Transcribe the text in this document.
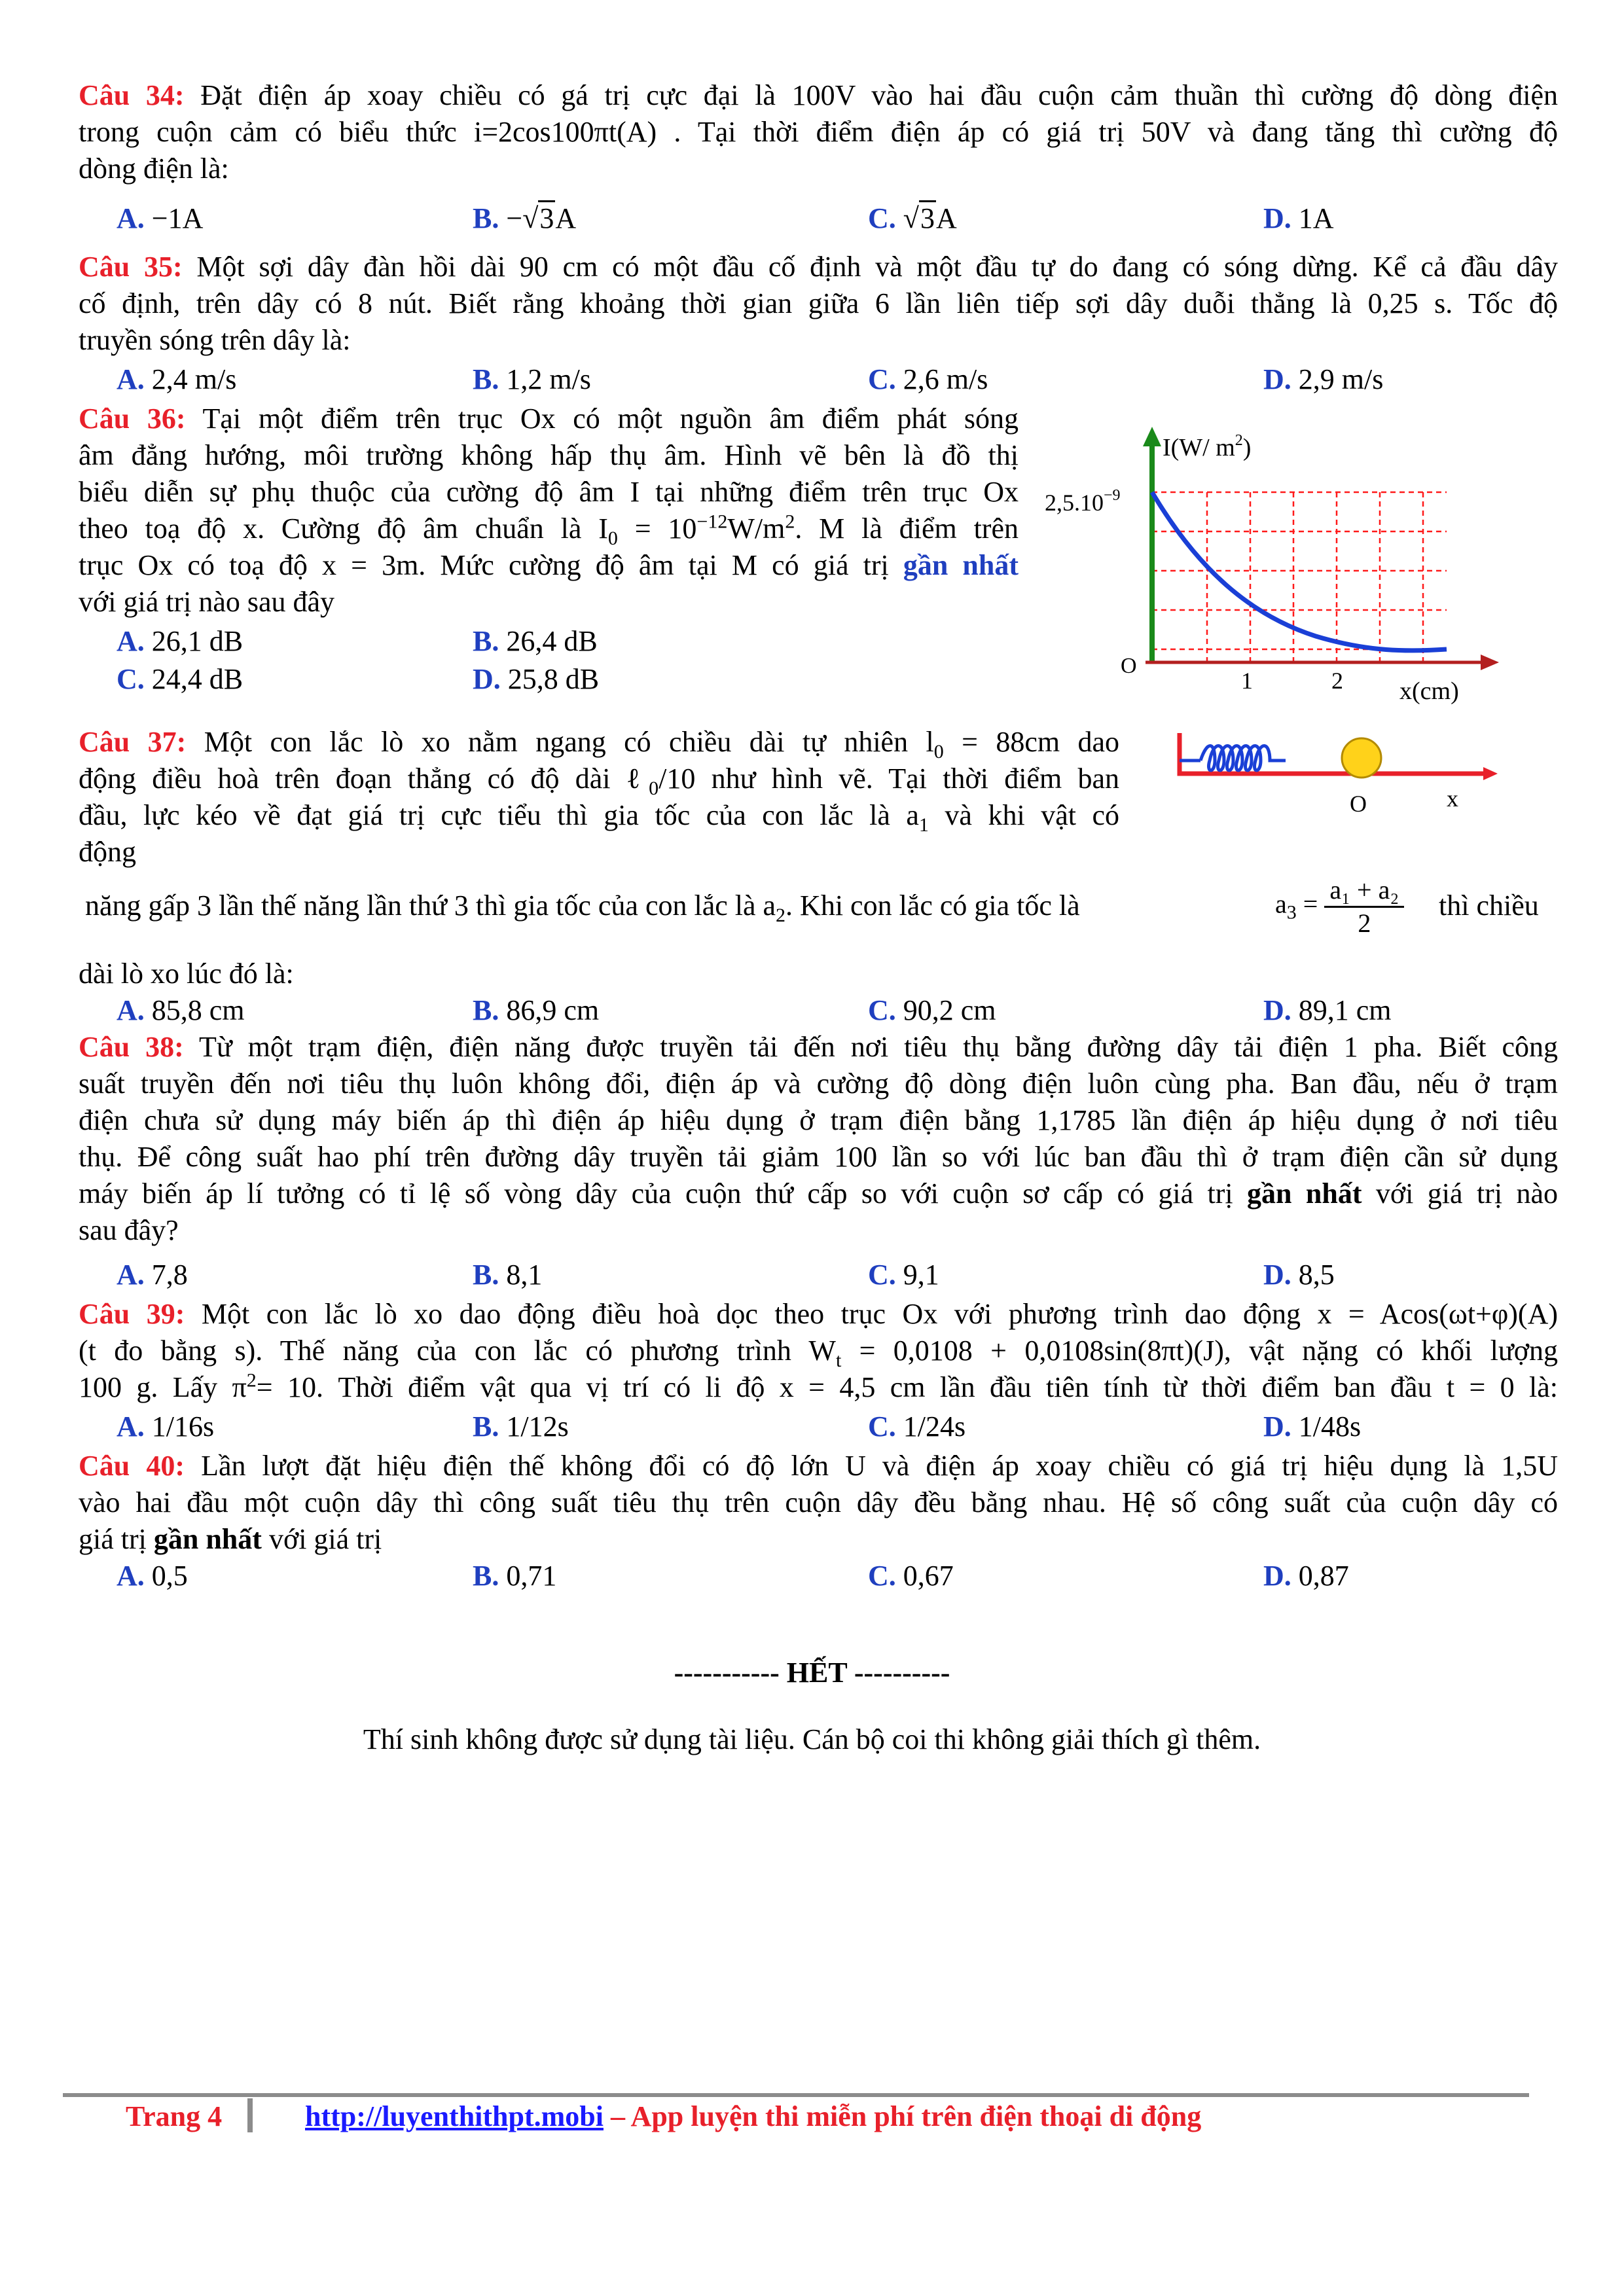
Câu 34: Đặt điện áp xoay chiều có gá trị cực đại là 100V vào hai đầu cuộn cảm thuần thì cường độ dòng điện
trong cuộn cảm có biểu thức i=2cos100πt(A) . Tại thời điểm điện áp có giá trị 50V và đang tăng thì cường độ
dòng điện là:
A. −1A	B. −√3A	C. √3A	D. 1A
Câu 35: Một sợi dây đàn hồi dài 90 cm có một đầu cố định và một đầu tự do đang có sóng dừng. Kể cả đầu dây
cố định, trên dây có 8 nút. Biết rằng khoảng thời gian giữa 6 lần liên tiếp sợi dây duỗi thẳng là 0,25 s. Tốc độ
truyền sóng trên dây là:
A. 2,4 m/s	B. 1,2 m/s	C. 2,6 m/s	D. 2,9 m/s
Câu 36: Tại một điểm trên trục Ox có một nguồn âm điểm phát sóng
âm đẳng hướng, môi trường không hấp thụ âm. Hình vẽ bên là đồ thị
biểu diễn sự phụ thuộc của cường độ âm I tại những điểm trên trục Ox
theo toạ độ x. Cường độ âm chuẩn là $I_0 = 10^{-12}W/m^2$. M là điểm trên
trục Ox có toạ độ x = 3m. Mức cường độ âm tại M có giá trị gần nhất
với giá trị nào sau đây
A. 26,1 dB	B. 26,4 dB
C. 24,4 dB	D. 25,8 dB
I(W/ $m^2$)
$2,5.10^{-9}$
O
1	2 x(cm)
Câu 37: Một con lắc lò xo nằm ngang có chiều dài tự nhiên $l_0 = 88cm$ dao
động điều hoà trên đoạn thẳng có độ dài ℓ$_0$/10 như hình vẽ. Tại thời điểm ban
đầu, lực kéo về đạt giá trị cực tiểu thì gia tốc của con lắc là $a_1$ và khi vật có
động
O	x
năng gấp 3 lần thế năng lần thứ 3 thì gia tốc của con lắc là $a_2$. Khi con lắc có gia tốc là	$a_3 = \frac{\text{a₁ + a₂}}{2}$ thì chiều
dài lò xo lúc đó là:
A. 85,8 cm	B. 86,9 cm	C. 90,2 cm	D. 89,1 cm
Câu 38: Từ một trạm điện, điện năng được truyền tải đến nơi tiêu thụ bằng đường dây tải điện 1 pha. Biết công
suất truyền đến nơi tiêu thụ luôn không đổi, điện áp và cường độ dòng điện luôn cùng pha. Ban đầu, nếu ở trạm
điện chưa sử dụng máy biến áp thì điện áp hiệu dụng ở trạm điện bằng 1,1785 lần điện áp hiệu dụng ở nơi tiêu
thụ. Để công suất hao phí trên đường dây truyền tải giảm 100 lần so với lúc ban đầu thì ở trạm điện cần sử dụng
máy biến áp lí tưởng có tỉ lệ số vòng dây của cuộn thứ cấp so với cuộn sơ cấp có giá trị gần nhất với giá trị nào
sau đây?
A. 7,8	B. 8,1	C. 9,1	D. 8,5
Câu 39: Một con lắc lò xo dao động điều hoà dọc theo trục Ox với phương trình dao động x = Acos(ωt+φ)(A)
(t đo bằng s). Thế năng của con lắc có phương trình $W_t = 0,0108 + 0,0108\sin(8\pi t)(J)$, vật nặng có khối lượng
100 g. Lấy $\pi^2= 10$. Thời điểm vật qua vị trí có li độ x = 4,5 cm lần đầu tiên tính từ thời điểm ban đầu t = 0 là:
A. 1/16s	B. 1/12s	C. 1/24s	D. 1/48s
Câu 40: Lần lượt đặt hiệu điện thế không đổi có độ lớn U và điện áp xoay chiều có giá trị hiệu dụng là 1,5U
vào hai đầu một cuộn dây thì công suất tiêu thụ trên cuộn dây đều bằng nhau. Hệ số công suất của cuộn dây có
giá trị gần nhất với giá trị
A. 0,5	B. 0,71	C. 0,67	D. 0,87
----------- HẾT ----------
Thí sinh không được sử dụng tài liệu. Cán bộ coi thi không giải thích gì thêm.
Trang 4	http://luyenthithpt.mobi – App luyện thi miễn phí trên điện thoại di động
